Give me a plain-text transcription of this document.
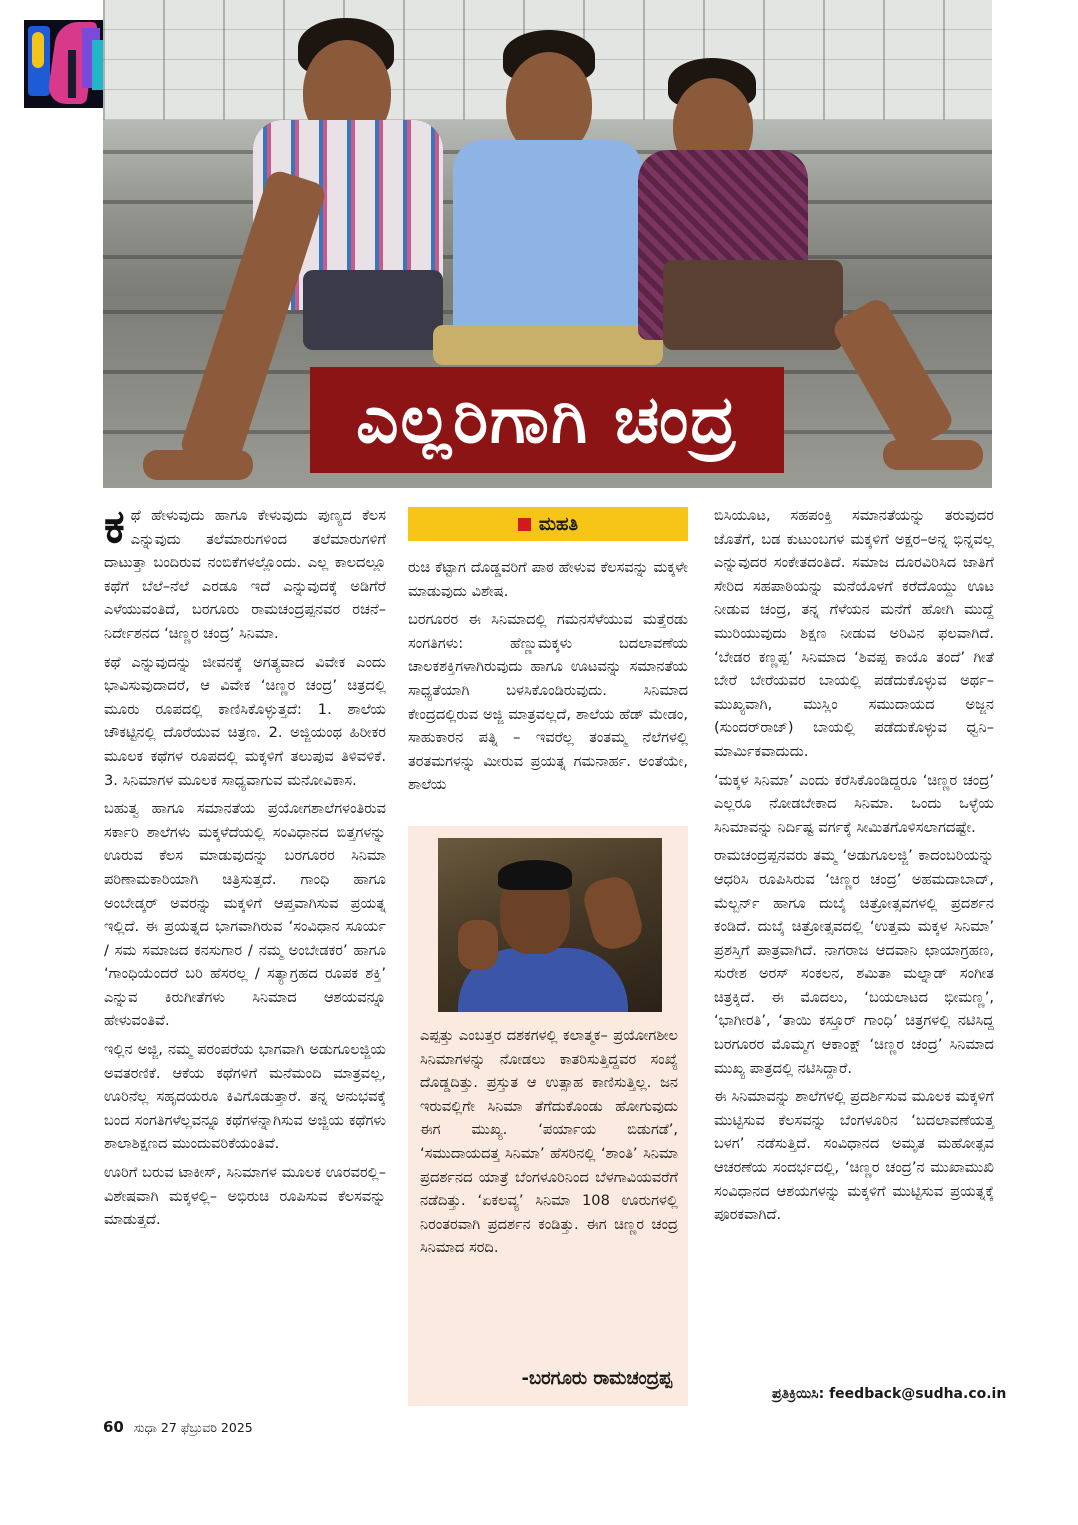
ಎಲ್ಲರಿಗಾಗಿ ಚಂದ್ರ

ಕಥೆ ಹೇಳುವುದು ಹಾಗೂ ಕೇಳುವುದು ಪುಣ್ಯದ ಕೆಲಸ ಎನ್ನುವುದು ತಲೆಮಾರುಗಳಿಂದ ತಲೆಮಾರುಗಳಿಗೆ ದಾಟುತ್ತಾ ಬಂದಿರುವ ನಂಬಿಕೆಗಳಲ್ಲೊಂದು. ಎಲ್ಲ ಕಾಲದಲ್ಲೂ ಕಥೆಗೆ ಬೆಲೆ–ನೆಲೆ ಎರಡೂ ಇದೆ ಎನ್ನುವುದಕ್ಕೆ ಅಡಿಗೆರೆ ಎಳೆಯುವಂತಿದೆ, ಬರಗೂರು ರಾಮಚಂದ್ರಪ್ಪನವರ ರಚನೆ–ನಿರ್ದೇಶನದ ‘ಚಿಣ್ಣರ ಚಂದ್ರ’ ಸಿನಿಮಾ.

ಕಥೆ ಎನ್ನುವುದನ್ನು ಜೀವನಕ್ಕೆ ಅಗತ್ಯವಾದ ವಿವೇಕ ಎಂದು ಭಾವಿಸುವುದಾದರೆ, ಆ ವಿವೇಕ ‘ಚಿಣ್ಣರ ಚಂದ್ರ’ ಚಿತ್ರದಲ್ಲಿ ಮೂರು ರೂಪದಲ್ಲಿ ಕಾಣಿಸಿಕೊಳ್ಳುತ್ತದೆ: 1. ಶಾಲೆಯ ಚೌಕಟ್ಟಿನಲ್ಲಿ ದೊರೆಯುವ ಚಿತ್ರಣ. 2. ಅಜ್ಜಿಯಂಥ ಹಿರೀಕರ ಮೂಲಕ ಕಥೆಗಳ ರೂಪದಲ್ಲಿ ಮಕ್ಕಳಿಗೆ ತಲುಪುವ ತಿಳಿವಳಿಕೆ. 3. ಸಿನಿಮಾಗಳ ಮೂಲಕ ಸಾಧ್ಯವಾಗುವ ಮನೋವಿಕಾಸ.

ಬಹುತ್ವ ಹಾಗೂ ಸಮಾನತೆಯ ಪ್ರಯೋಗಶಾಲೆಗಳಂತಿರುವ ಸರ್ಕಾರಿ ಶಾಲೆಗಳು ಮಕ್ಕಳೆದೆಯಲ್ಲಿ ಸಂವಿಧಾನದ ಬಿತ್ತಗಳನ್ನು ಊರುವ ಕೆಲಸ ಮಾಡುವುದನ್ನು ಬರಗೂರರ ಸಿನಿಮಾ ಪರಿಣಾಮಕಾರಿಯಾಗಿ ಚಿತ್ರಿಸುತ್ತದೆ. ಗಾಂಧಿ ಹಾಗೂ ಅಂಬೇಡ್ಕರ್ ಅವರನ್ನು ಮಕ್ಕಳಿಗೆ ಆಪ್ತವಾಗಿಸುವ ಪ್ರಯತ್ನ ಇಲ್ಲಿದೆ. ಈ ಪ್ರಯತ್ನದ ಭಾಗವಾಗಿರುವ ‘ಸಂವಿಧಾನ ಸೂರ್ಯ / ಸಮ ಸಮಾಜದ ಕನಸುಗಾರ / ನಮ್ಮ ಅಂಬೇಡಕರ’ ಹಾಗೂ ‘ಗಾಂಧಿಯೆಂದರೆ ಬರಿ ಹೆಸರಲ್ಲ / ಸತ್ಯಾಗ್ರಹದ ರೂಪಕ ಶಕ್ತಿ’ ಎನ್ನುವ ಕಿರುಗೀತೆಗಳು ಸಿನಿಮಾದ ಆಶಯವನ್ನೂ ಹೇಳುವಂತಿವೆ.

ಇಲ್ಲಿನ ಅಜ್ಜಿ, ನಮ್ಮ ಪರಂಪರೆಯ ಭಾಗವಾಗಿ ಅಡುಗೂಲಜ್ಜಿಯ ಅವತರಣಿಕೆ. ಆಕೆಯ ಕಥೆಗಳಿಗೆ ಮನೆಮಂದಿ ಮಾತ್ರವಲ್ಲ, ಊರಿನೆಲ್ಲ ಸಹೃದಯರೂ ಕಿವಿಗೊಡುತ್ತಾರೆ. ತನ್ನ ಅನುಭವಕ್ಕೆ ಬಂದ ಸಂಗತಿಗಳೆಲ್ಲವನ್ನೂ ಕಥೆಗಳನ್ನಾಗಿಸುವ ಅಜ್ಜಿಯ ಕಥೆಗಳು ಶಾಲಾಶಿಕ್ಷಣದ ಮುಂದುವರಿಕೆಯಂತಿವೆ.

ಊರಿಗೆ ಬರುವ ಟಾಕೀಸ್, ಸಿನಿಮಾಗಳ ಮೂಲಕ ಊರವರಲ್ಲಿ– ವಿಶೇಷವಾಗಿ ಮಕ್ಕಳಲ್ಲಿ– ಅಭಿರುಚಿ ರೂಪಿಸುವ ಕೆಲಸವನ್ನು ಮಾಡುತ್ತದೆ.

ಮಹತಿ

ರುಚಿ ಕೆಟ್ಟಾಗ ದೊಡ್ಡವರಿಗೆ ಪಾಠ ಹೇಳುವ ಕೆಲಸವನ್ನು ಮಕ್ಕಳೇ ಮಾಡುವುದು ವಿಶೇಷ.

ಬರಗೂರರ ಈ ಸಿನಿಮಾದಲ್ಲಿ ಗಮನಸೆಳೆಯುವ ಮತ್ತೆರಡು ಸಂಗತಿಗಳು: ಹೆಣ್ಣುಮಕ್ಕಳು ಬದಲಾವಣೆಯ ಚಾಲಕಶಕ್ತಿಗಳಾಗಿರುವುದು ಹಾಗೂ ಊಟವನ್ನು ಸಮಾನತೆಯ ಸಾಧ್ಯತೆಯಾಗಿ ಬಳಸಿಕೊಂಡಿರುವುದು. ಸಿನಿಮಾದ ಕೇಂದ್ರದಲ್ಲಿರುವ ಅಜ್ಜಿ ಮಾತ್ರವಲ್ಲದೆ, ಶಾಲೆಯ ಹೆಡ್ ಮೇಡಂ, ಸಾಹುಕಾರನ ಪತ್ನಿ – ಇವರೆಲ್ಲ ತಂತಮ್ಮ ನೆಲೆಗಳಲ್ಲಿ ತರತಮಗಳನ್ನು ಮೀರುವ ಪ್ರಯತ್ನ ಗಮನಾರ್ಹ. ಅಂತೆಯೇ, ಶಾಲೆಯ

ಎಪ್ಪತ್ತು ಎಂಬತ್ತರ ದಶಕಗಳಲ್ಲಿ ಕಲಾತ್ಮಕ– ಪ್ರಯೋಗಶೀಲ ಸಿನಿಮಾಗಳನ್ನು ನೋಡಲು ಕಾತರಿಸುತ್ತಿದ್ದವರ ಸಂಖ್ಯೆ ದೊಡ್ಡದಿತ್ತು. ಪ್ರಸ್ತುತ ಆ ಉತ್ಸಾಹ ಕಾಣಿಸುತ್ತಿಲ್ಲ. ಜನ ಇರುವಲ್ಲಿಗೇ ಸಿನಿಮಾ ತೆಗೆದುಕೊಂಡು ಹೋಗುವುದು ಈಗ ಮುಖ್ಯ. ‘ಪರ್ಯಾಯ ಬಿಡುಗಡೆ’, ‘ಸಮುದಾಯದತ್ತ ಸಿನಿಮಾ’ ಹೆಸರಿನಲ್ಲಿ ‘ಶಾಂತಿ’ ಸಿನಿಮಾ ಪ್ರದರ್ಶನದ ಯಾತ್ರೆ ಬೆಂಗಳೂರಿನಿಂದ ಬೆಳಗಾವಿಯವರೆಗೆ ನಡೆದಿತ್ತು. ‘ಏಕಲವ್ಯ’ ಸಿನಿಮಾ 108 ಊರುಗಳಲ್ಲಿ ನಿರಂತರವಾಗಿ ಪ್ರದರ್ಶನ ಕಂಡಿತ್ತು. ಈಗ ಚಿಣ್ಣರ ಚಂದ್ರ ಸಿನಿಮಾದ ಸರದಿ.
-ಬರಗೂರು ರಾಮಚಂದ್ರಪ್ಪ

ಬಿಸಿಯೂಟ, ಸಹಪಂಕ್ತಿ ಸಮಾನತೆಯನ್ನು ತರುವುದರ ಜೊತೆಗೆ, ಬಡ ಕುಟುಂಬಗಳ ಮಕ್ಕಳಿಗೆ ಅಕ್ಷರ–ಅನ್ನ ಭಿನ್ನವಲ್ಲ ಎನ್ನುವುದರ ಸಂಕೇತದಂತಿದೆ. ಸಮಾಜ ದೂರವಿರಿಸಿದ ಜಾತಿಗೆ ಸೇರಿದ ಸಹಪಾಠಿಯನ್ನು ಮನೆಯೊಳಗೆ ಕರೆದೊಯ್ದು ಊಟ ನೀಡುವ ಚಂದ್ರ, ತನ್ನ ಗೆಳೆಯನ ಮನೆಗೆ ಹೋಗಿ ಮುದ್ದೆ ಮುರಿಯುವುದು ಶಿಕ್ಷಣ ನೀಡುವ ಅರಿವಿನ ಫಲವಾಗಿದೆ. ‘ಬೇಡರ ಕಣ್ಣಪ್ಪ’ ಸಿನಿಮಾದ ‘ಶಿವಪ್ಪ ಕಾಯೊ ತಂದೆ’ ಗೀತೆ ಬೇರೆ ಬೇರೆಯವರ ಬಾಯಲ್ಲಿ ಪಡೆದುಕೊಳ್ಳುವ ಅರ್ಥ– ಮುಖ್ಯವಾಗಿ, ಮುಸ್ಲಿಂ ಸಮುದಾಯದ ಅಜ್ಜನ (ಸುಂದರ್‌ರಾಜ್) ಬಾಯಲ್ಲಿ ಪಡೆದುಕೊಳ್ಳುವ ಧ್ವನಿ– ಮಾರ್ಮಿಕವಾದುದು.

‘ಮಕ್ಕಳ ಸಿನಿಮಾ’ ಎಂದು ಕರೆಸಿಕೊಂಡಿದ್ದರೂ ‘ಚಿಣ್ಣರ ಚಂದ್ರ’ ಎಲ್ಲರೂ ನೋಡಬೇಕಾದ ಸಿನಿಮಾ. ಒಂದು ಒಳ್ಳೆಯ ಸಿನಿಮಾವನ್ನು ನಿರ್ದಿಷ್ಟ ವರ್ಗಕ್ಕೆ ಸೀಮಿತಗೊಳಿಸಲಾಗದಷ್ಟೇ.

ರಾಮಚಂದ್ರಪ್ಪನವರು ತಮ್ಮ ‘ಅಡುಗೂಲಜ್ಜಿ’ ಕಾದಂಬರಿಯನ್ನು ಆಧರಿಸಿ ರೂಪಿಸಿರುವ ‘ಚಿಣ್ಣರ ಚಂದ್ರ’ ಅಹಮದಾಬಾದ್, ಮೆಲ್ಬರ್ನ್ ಹಾಗೂ ದುಬೈ ಚಿತ್ರೋತ್ಸವಗಳಲ್ಲಿ ಪ್ರದರ್ಶನ ಕಂಡಿದೆ. ದುಬೈ ಚಿತ್ರೋತ್ಸವದಲ್ಲಿ ‘ಉತ್ತಮ ಮಕ್ಕಳ ಸಿನಿಮಾ’ ಪ್ರಶಸ್ತಿಗೆ ಪಾತ್ರವಾಗಿದೆ. ನಾಗರಾಜ ಆದವಾನಿ ಛಾಯಾಗ್ರಹಣ, ಸುರೇಶ ಅರಸ್ ಸಂಕಲನ, ಶಮಿತಾ ಮಲ್ನಾಡ್ ಸಂಗೀತ ಚಿತ್ರಕ್ಕಿದೆ. ಈ ಮೊದಲು, ‘ಬಯಲಾಟದ ಭೀಮಣ್ಣ’, ‘ಭಾಗೀರತಿ’, ‘ತಾಯಿ ಕಸ್ತೂರ್ ಗಾಂಧಿ’ ಚಿತ್ರಗಳಲ್ಲಿ ನಟಿಸಿದ್ದ ಬರಗೂರರ ಮೊಮ್ಮಗ ಆಕಾಂಕ್ಷ್ ‘ಚಿಣ್ಣರ ಚಂದ್ರ’ ಸಿನಿಮಾದ ಮುಖ್ಯ ಪಾತ್ರದಲ್ಲಿ ನಟಿಸಿದ್ದಾರೆ.

ಈ ಸಿನಿಮಾವನ್ನು ಶಾಲೆಗಳಲ್ಲಿ ಪ್ರದರ್ಶಿಸುವ ಮೂಲಕ ಮಕ್ಕಳಿಗೆ ಮುಟ್ಟಿಸುವ ಕೆಲಸವನ್ನು ಬೆಂಗಳೂರಿನ ‘ಬದಲಾವಣೆಯತ್ತ ಬಳಗ’ ನಡೆಸುತ್ತಿದೆ. ಸಂವಿಧಾನದ ಅಮೃತ ಮಹೋತ್ಸವ ಆಚರಣೆಯ ಸಂದರ್ಭದಲ್ಲಿ, ‘ಚಿಣ್ಣರ ಚಂದ್ರ’ನ ಮುಖಾಮುಖಿ ಸಂವಿಧಾನದ ಆಶಯಗಳನ್ನು ಮಕ್ಕಳಿಗೆ ಮುಟ್ಟಿಸುವ ಪ್ರಯತ್ನಕ್ಕೆ ಪೂರಕವಾಗಿದೆ.

ಪ್ರತಿಕ್ರಿಯಿಸಿ: feedback@sudha.co.in
60 ಸುಧಾ 27 ಫೆಬ್ರುವರಿ 2025
